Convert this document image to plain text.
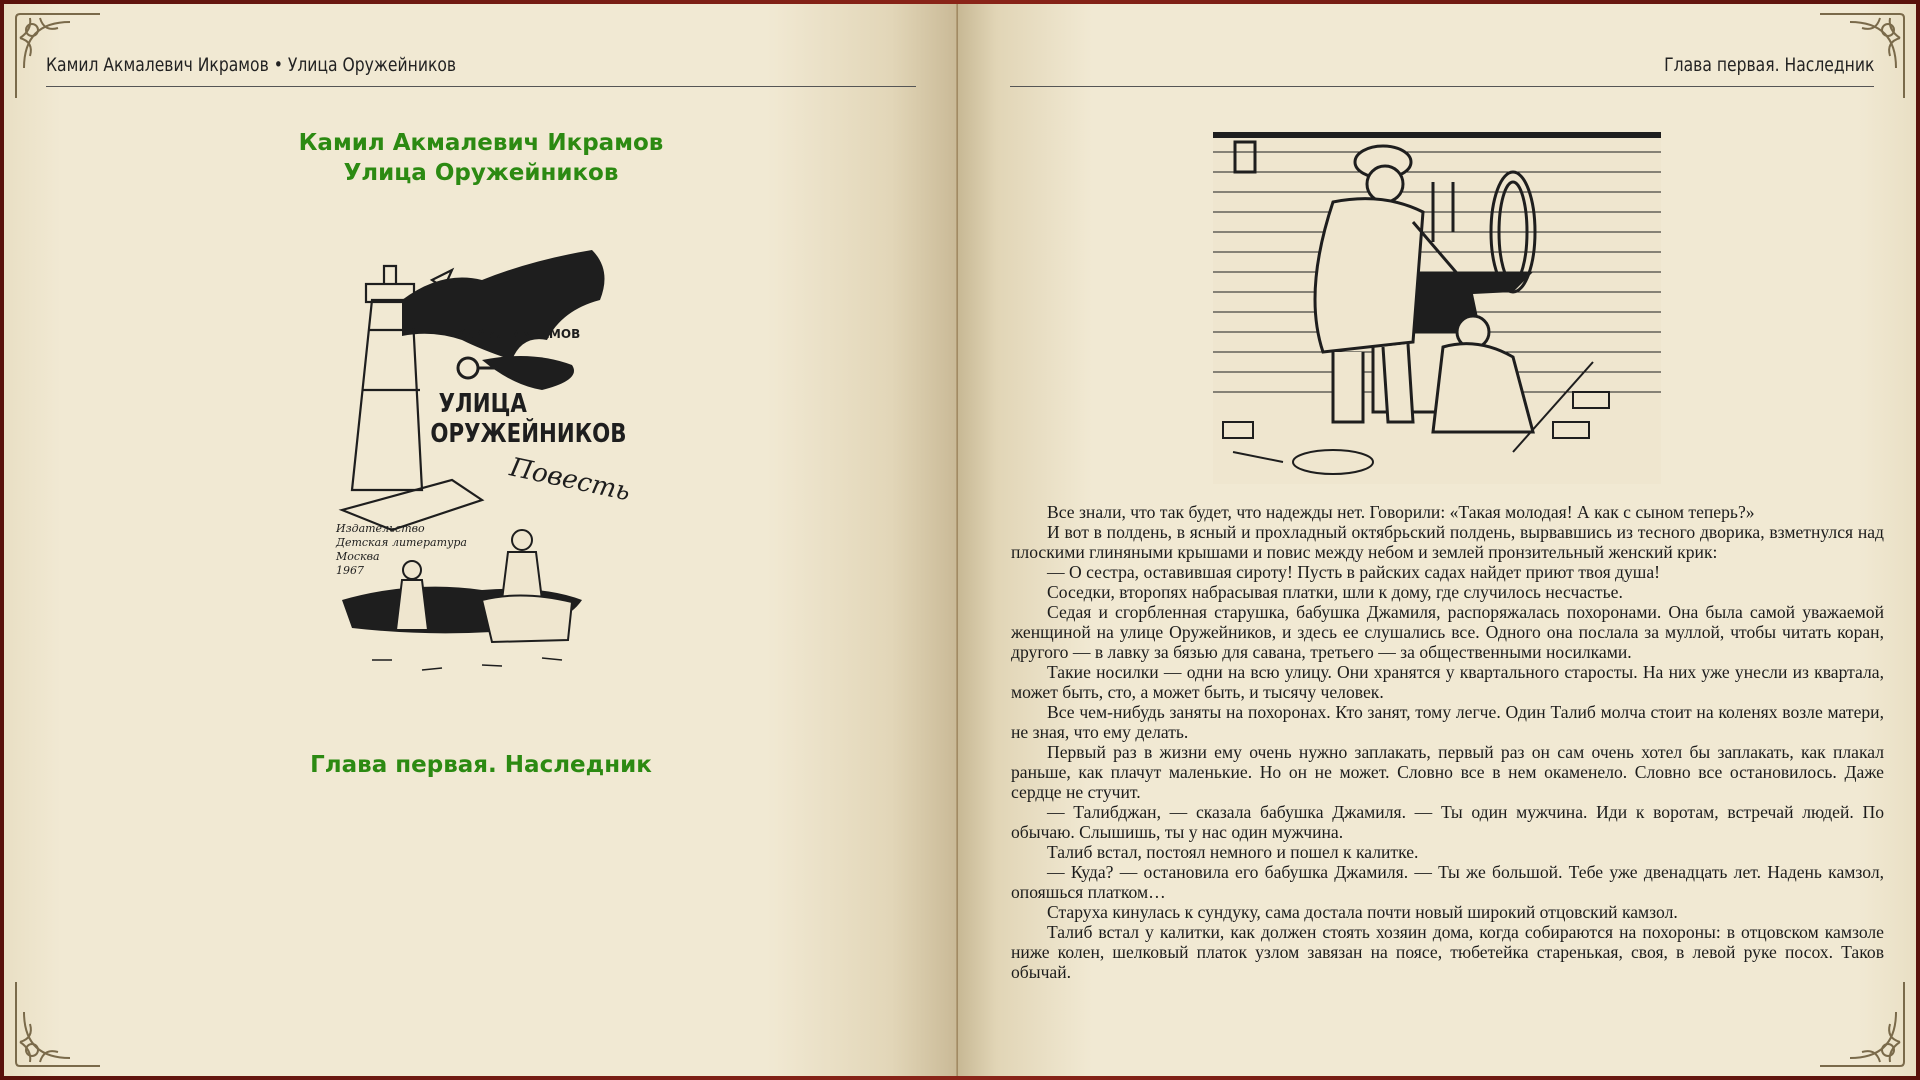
Камил Акмалевич Икрамов • Улица Оружейников
Камил Акмалевич Икрамов
Улица Оружейников
КАМИЛ ИКРАМОВ
УЛИЦА
ОРУЖЕЙНИКОВ
Повесть
Издательство
Детская литература
Москва
1967
Глава первая. Наследник
Глава первая. Наследник

Все знали, что так будет, что надежды нет. Говорили: «Такая молодая! А как с сыном теперь?»

И вот в полдень, в ясный и прохладный октябрьский полдень, вырвавшись из тесного дворика, взметнулся над плоскими глиняными крышами и повис между небом и землей пронзительный женский крик:

— О сестра, оставившая сироту! Пусть в райских садах найдет приют твоя душа!

Соседки, второпях набрасывая платки, шли к дому, где случилось несчастье.

Седая и сгорбленная старушка, бабушка Джамиля, распоряжалась похоронами. Она была самой уважаемой женщиной на улице Оружейников, и здесь ее слушались все. Одного она послала за муллой, чтобы читать коран, другого — в лавку за бязью для савана, третьего — за общественными носилками.

Такие носилки — одни на всю улицу. Они хранятся у квартального старосты. На них уже унесли из квартала, может быть, сто, а может быть, и тысячу человек.

Все чем-нибудь заняты на похоронах. Кто занят, тому легче. Один Талиб молча стоит на коленях возле матери, не зная, что ему делать.

Первый раз в жизни ему очень нужно заплакать, первый раз он сам очень хотел бы заплакать, как плакал раньше, как плачут маленькие. Но он не может. Словно все в нем окаменело. Словно все остановилось. Даже сердце не стучит.

— Талибджан, — сказала бабушка Джамиля. — Ты один мужчина. Иди к воротам, встречай людей. По обычаю. Слышишь, ты у нас один мужчина.

Талиб встал, постоял немного и пошел к калитке.

— Куда? — остановила его бабушка Джамиля. — Ты же большой. Тебе уже двенадцать лет. Надень камзол, опояшься платком…

Старуха кинулась к сундуку, сама достала почти новый широкий отцовский камзол.

Талиб встал у калитки, как должен стоять хозяин дома, когда собираются на похороны: в отцовском камзоле ниже колен, шелковый платок узлом завязан на поясе, тюбетейка старенькая, своя, в левой руке посох. Таков обычай.
